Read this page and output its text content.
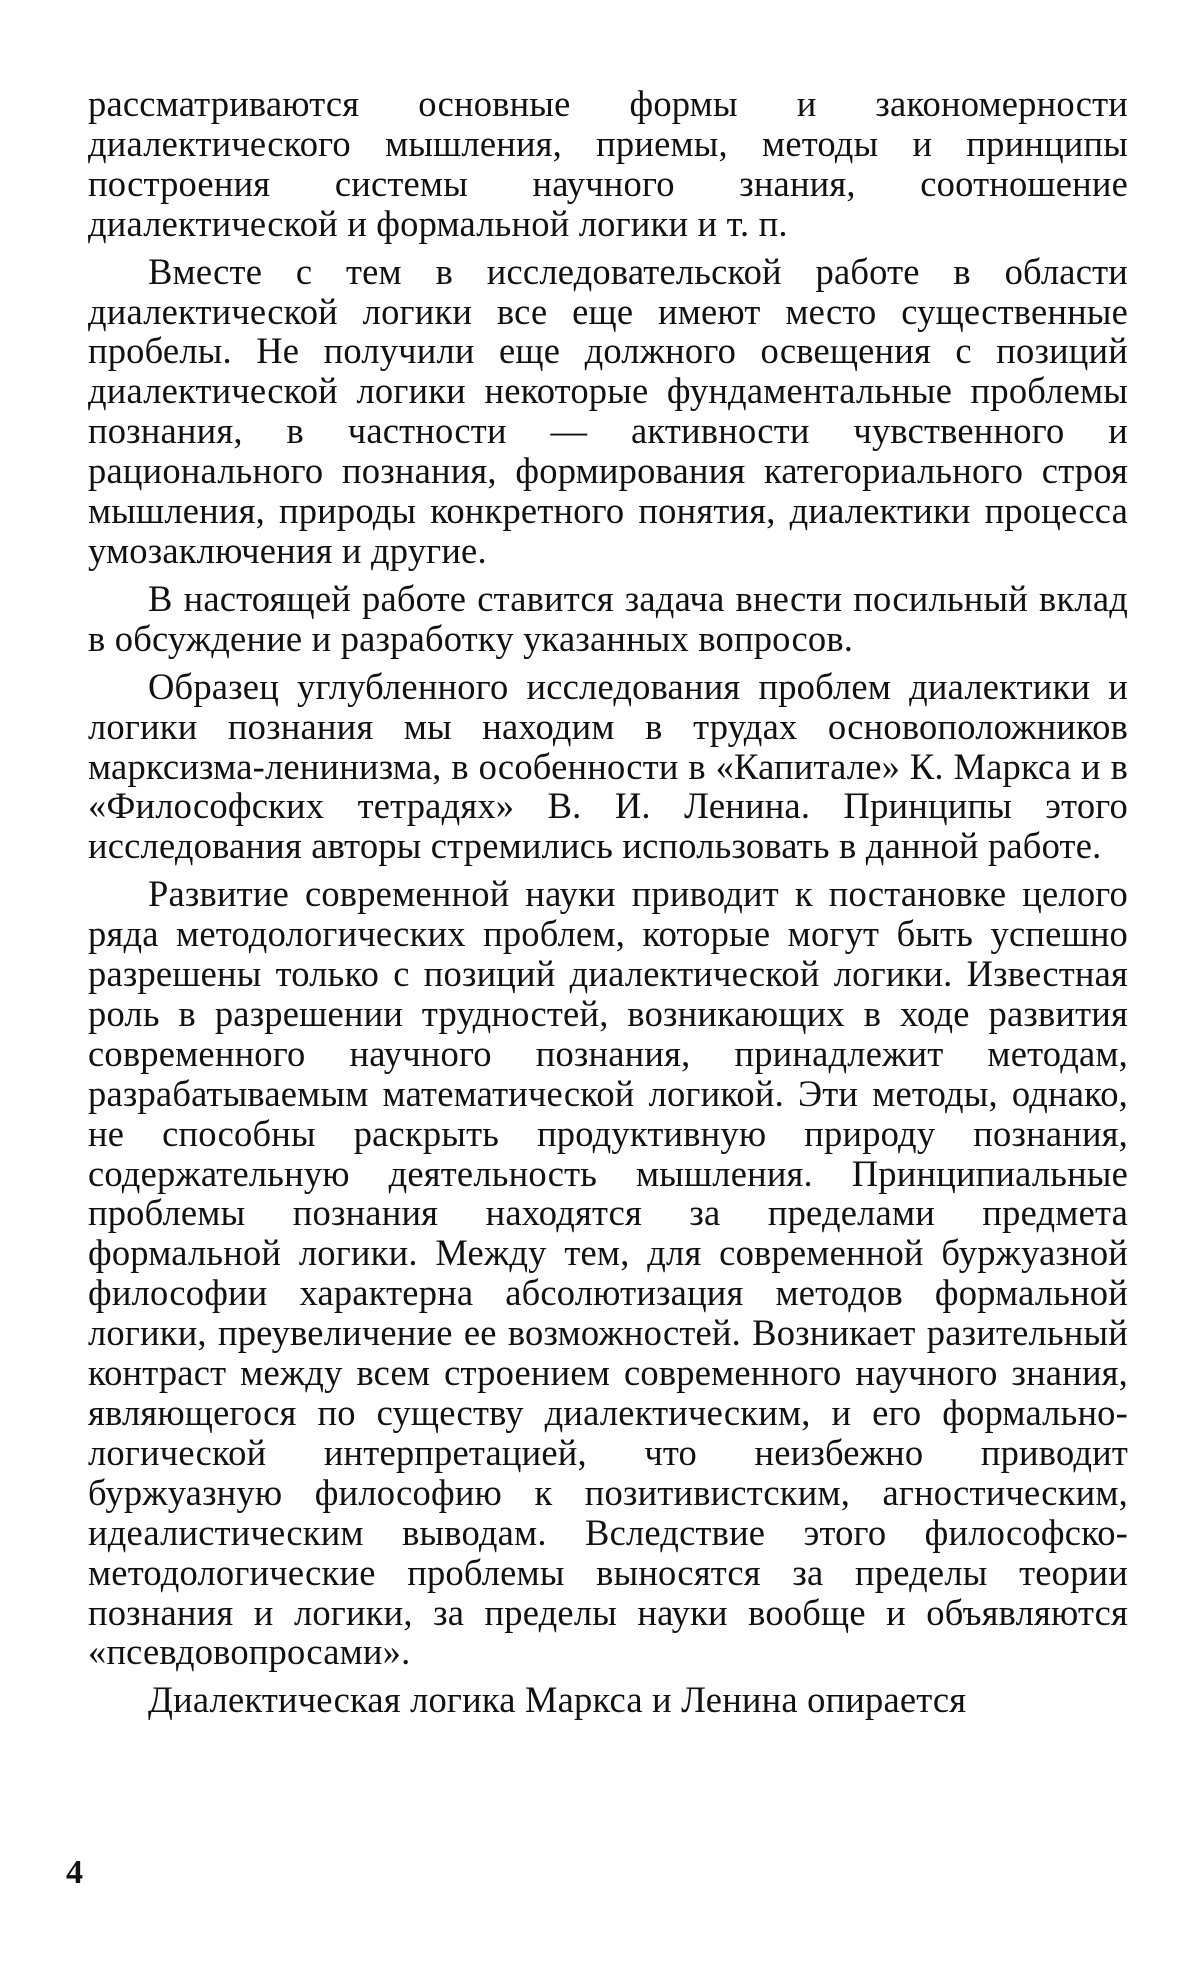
рассматриваются основные формы и закономерности диалектического мышления, приемы, методы и принципы построения системы научного знания, соотношение диалектической и формальной логики и т. п.

Вместе с тем в исследовательской работе в области диалектической логики все еще имеют место существенные пробелы. Не получили еще должного освещения с позиций диалектической логики некоторые фундаментальные проблемы познания, в частности — активности чувственного и рационального познания, формирования категориального строя мышления, природы конкретного понятия, диалектики процесса умозаключения и другие.

В настоящей работе ставится задача внести посильный вклад в обсуждение и разработку указанных вопросов.

Образец углубленного исследования проблем диалектики и логики познания мы находим в трудах основоположников марксизма-ленинизма, в особенности в «Капитале» К. Маркса и в «Философских тетрадях» В. И. Ленина. Принципы этого исследования авторы стремились использовать в данной работе.

Развитие современной науки приводит к постановке целого ряда методологических проблем, которые могут быть успешно разрешены только с позиций диалектической логики. Известная роль в разрешении трудностей, возникающих в ходе развития современного научного познания, принадлежит методам, разрабатываемым математической логикой. Эти методы, однако, не способны раскрыть продуктивную природу познания, содержательную деятельность мышления. Принципиальные проблемы познания находятся за пределами предмета формальной логики. Между тем, для современной буржуазной философии характерна абсолютизация методов формальной логики, преувеличение ее возможностей. Возникает разительный контраст между всем строением современного научного знания, являющегося по существу диалектическим, и его формально-логической интерпретацией, что неизбежно приводит буржуазную философию к позитивистским, агностическим, идеалистическим выводам. Вследствие этого философско-методологические проблемы выносятся за пределы теории познания и логики, за пределы науки вообще и объявляются «псевдовопросами».

Диалектическая логика Маркса и Ленина опирается

4
